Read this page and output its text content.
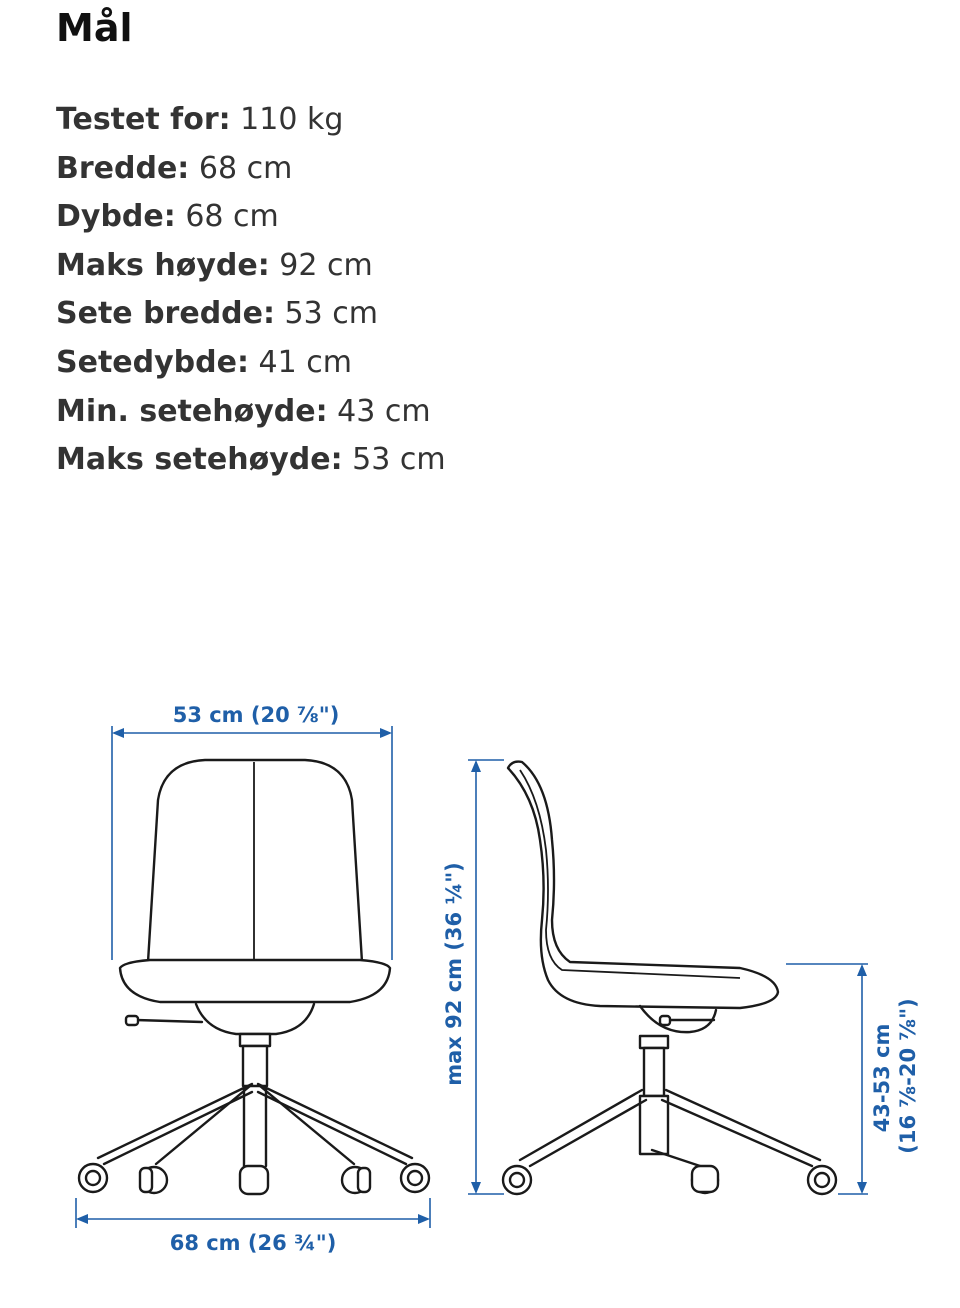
Mål
Testet for: 110 kg
Bredde: 68 cm
Dybde: 68 cm
Maks høyde: 92 cm
Sete bredde: 53 cm
Setedybde: 41 cm
Min. setehøyde: 43 cm
Maks setehøyde: 53 cm
53 cm (20 ⅞")
68 cm (26 ¾")
max 92 cm (36 ¼")	43-53 cm (16 ⅞-20 ⅞")
